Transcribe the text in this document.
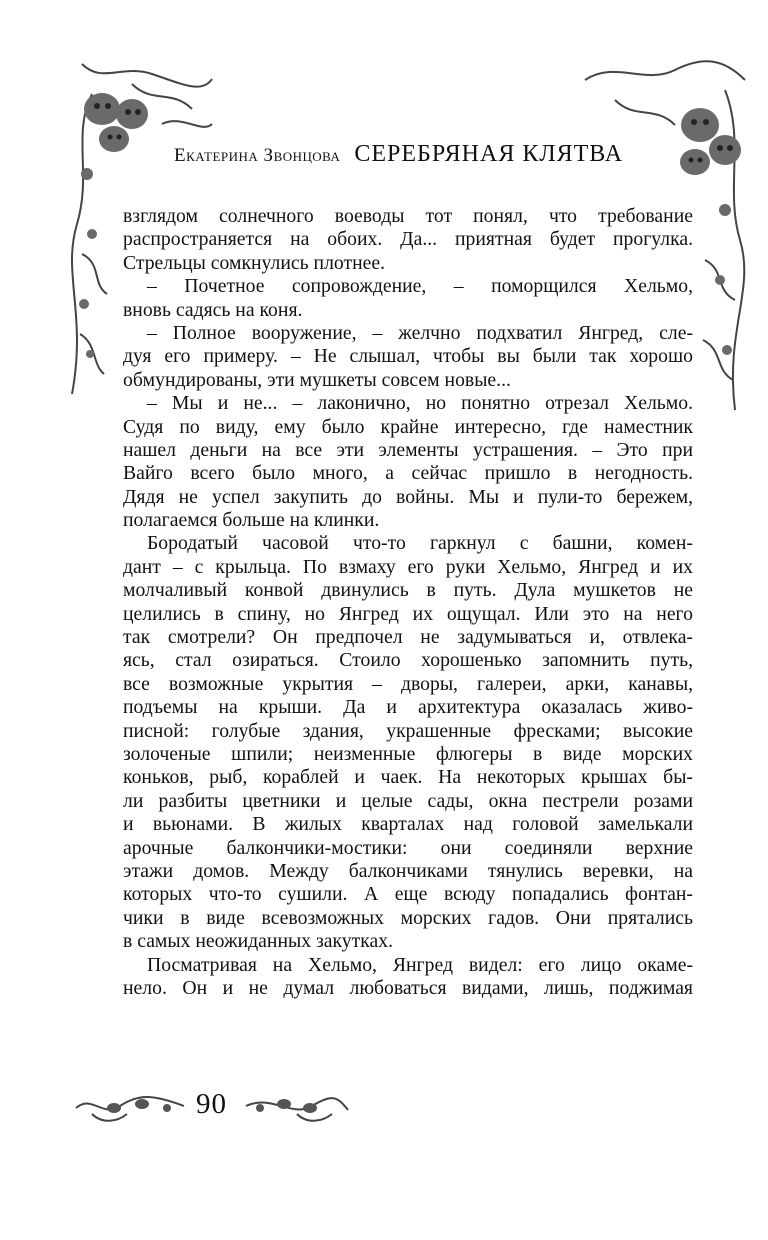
Екатерина Звонцова СЕРЕБРЯНАЯ КЛЯТВА
взглядом солнечного воеводы тот понял, что требование
распространяется на обоих. Да... приятная будет прогулка.
Стрельцы сомкнулись плотнее.
– Почетное сопровождение, – поморщился Хельмо,
вновь садясь на коня.
– Полное вооружение, – желчно подхватил Янгред, сле-
дуя его примеру. – Не слышал, чтобы вы были так хорошо
обмундированы, эти мушкеты совсем новые...
– Мы и не... – лаконично, но понятно отрезал Хельмо.
Судя по виду, ему было крайне интересно, где наместник
нашел деньги на все эти элементы устрашения. – Это при
Вайго всего было много, а сейчас пришло в негодность.
Дядя не успел закупить до войны. Мы и пули-то бережем,
полагаемся больше на клинки.
Бородатый часовой что-то гаркнул с башни, комен-
дант – с крыльца. По взмаху его руки Хельмо, Янгред и их
молчаливый конвой двинулись в путь. Дула мушкетов не
целились в спину, но Янгред их ощущал. Или это на него
так смотрели? Он предпочел не задумываться и, отвлека-
ясь, стал озираться. Стоило хорошенько запомнить путь,
все возможные укрытия – дворы, галереи, арки, канавы,
подъемы на крыши. Да и архитектура оказалась живо-
писной: голубые здания, украшенные фресками; высокие
золоченые шпили; неизменные флюгеры в виде морских
коньков, рыб, кораблей и чаек. На некоторых крышах бы-
ли разбиты цветники и целые сады, окна пестрели розами
и вьюнами. В жилых кварталах над головой замелькали
арочные балкончики-мостики: они соединяли верхние
этажи домов. Между балкончиками тянулись веревки, на
которых что-то сушили. А еще всюду попадались фонтан-
чики в виде всевозможных морских гадов. Они прятались
в самых неожиданных закутках.
Посматривая на Хельмо, Янгред видел: его лицо окаме-
нело. Он и не думал любоваться видами, лишь, поджимая
90
